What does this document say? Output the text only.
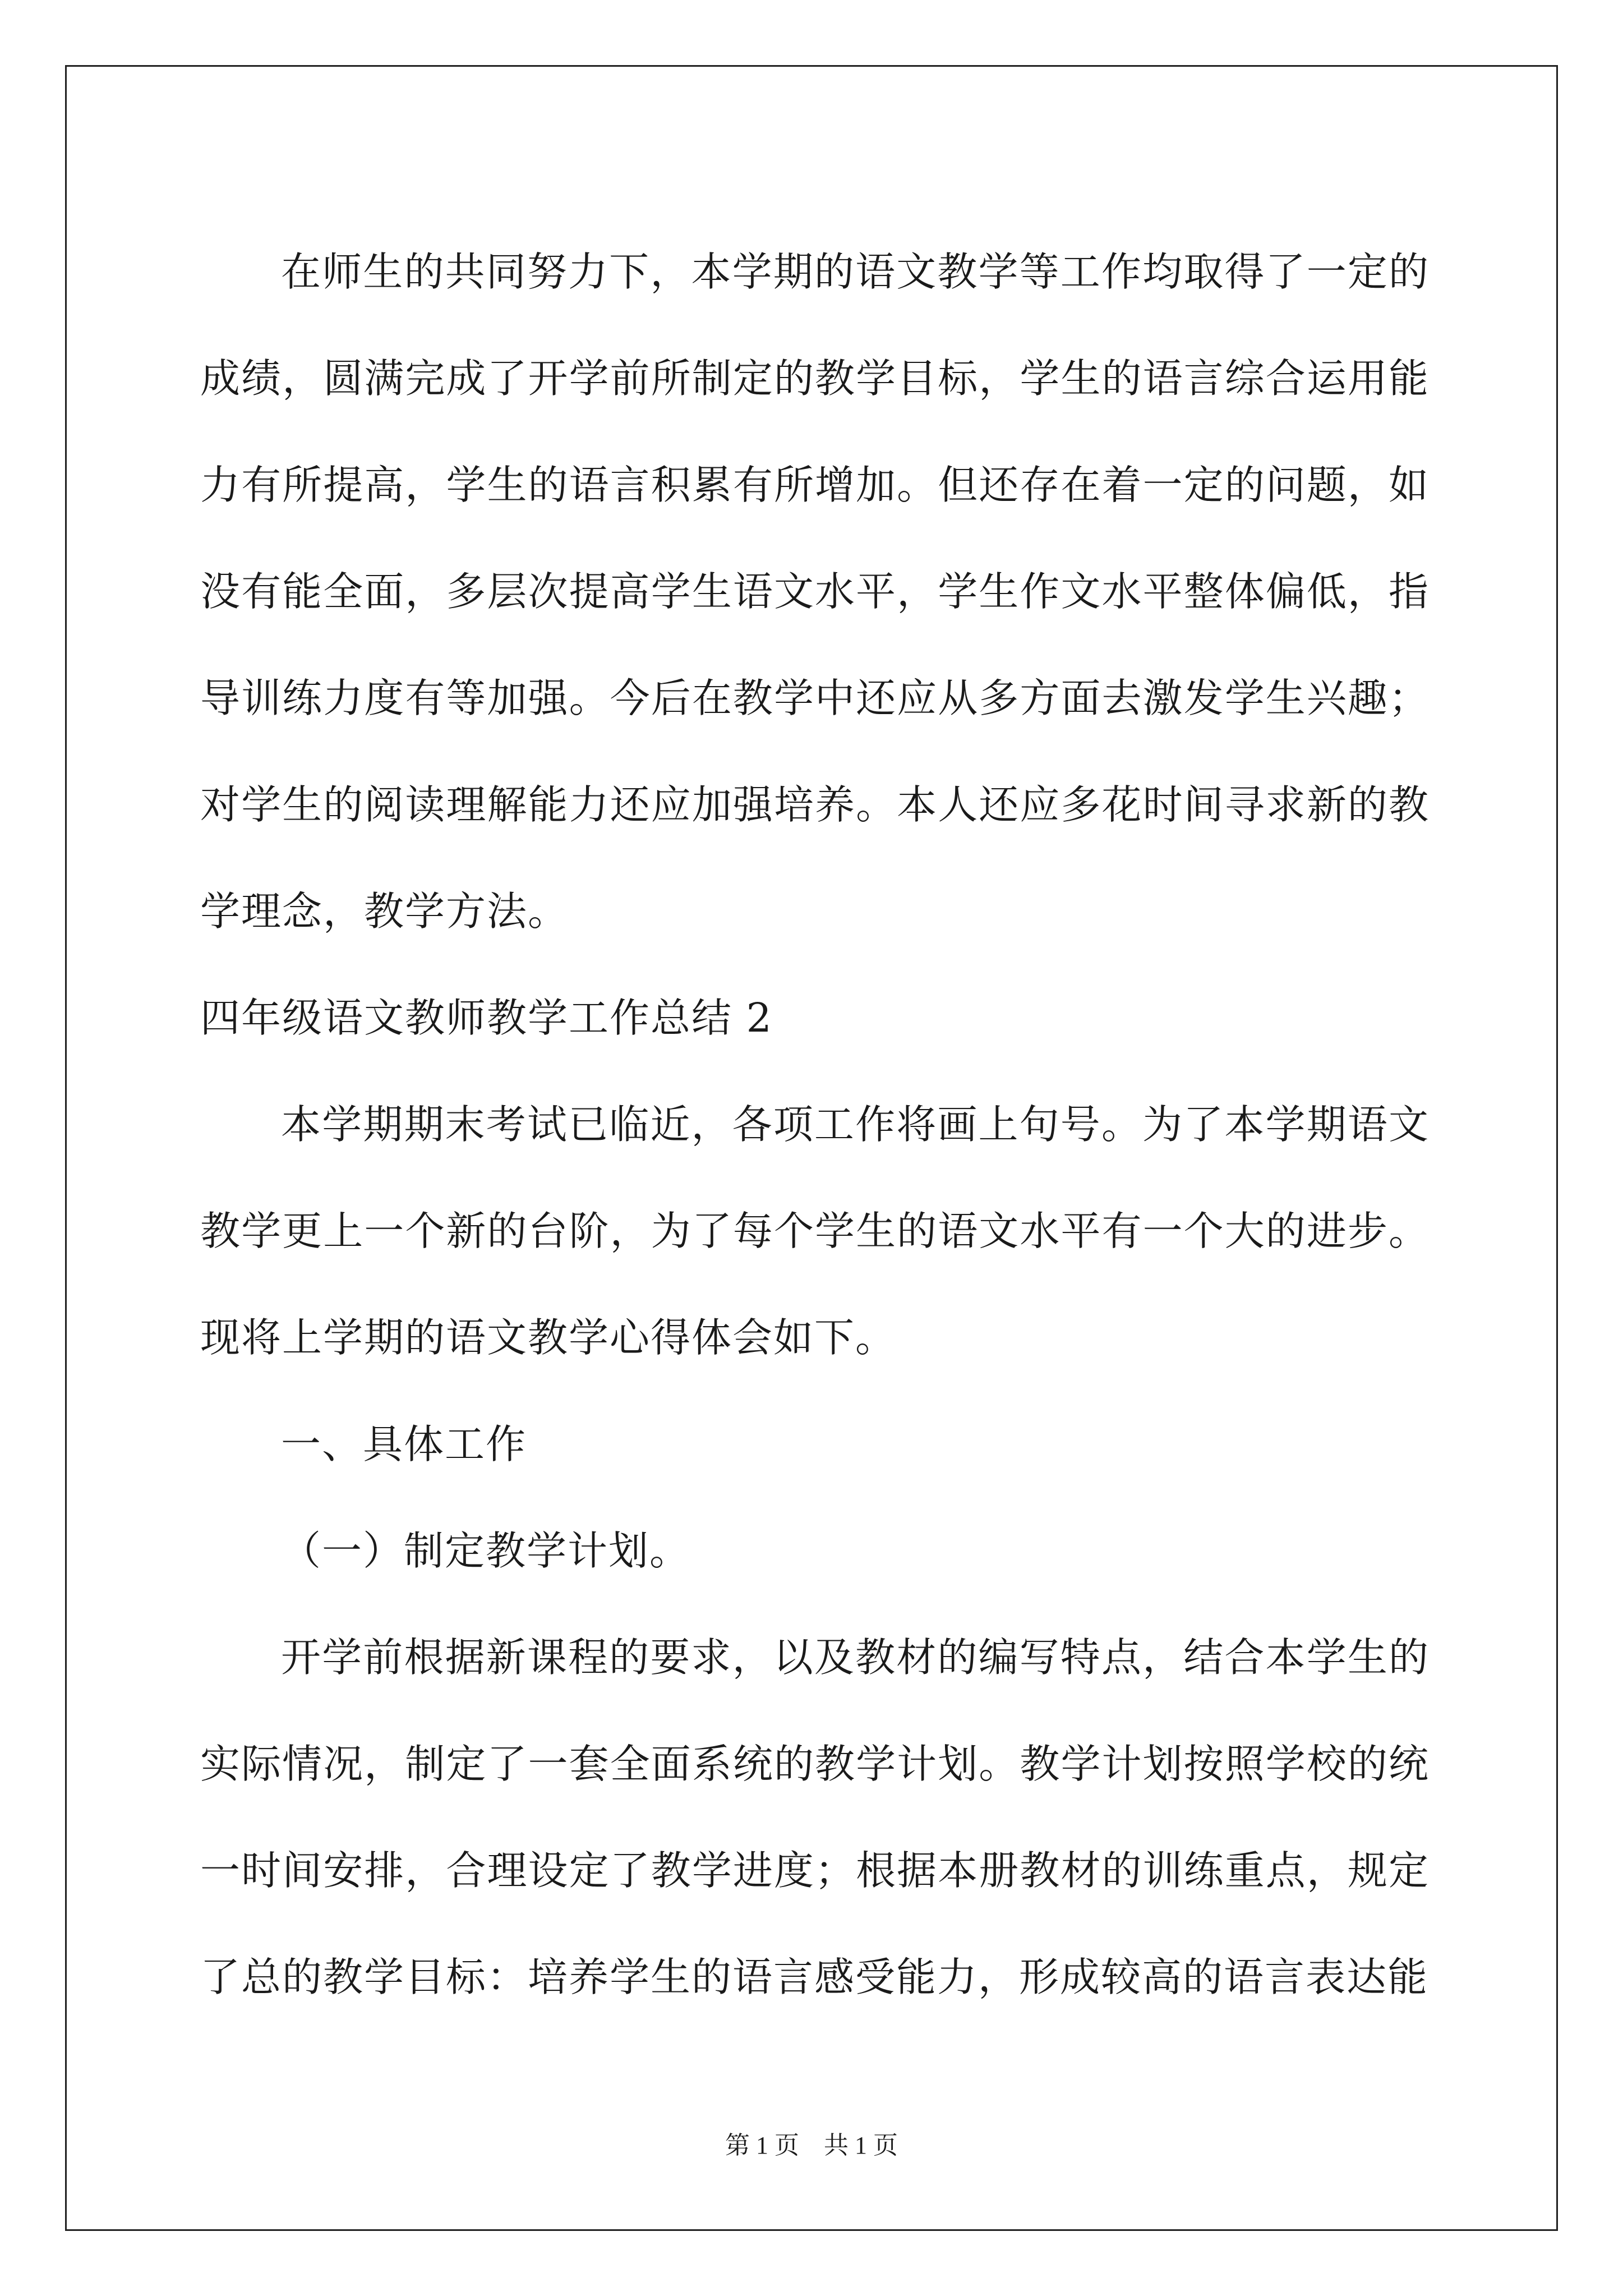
在师生的共同努力下，本学期的语文教学等工作均取得了一定的成绩，圆满完成了开学前所制定的教学目标，学生的语言综合运用能力有所提高，学生的语言积累有所增加。但还存在着一定的问题，如没有能全面，多层次提高学生语文水平，学生作文水平整体偏低，指导训练力度有等加强。今后在教学中还应从多方面去激发学生兴趣；对学生的阅读理解能力还应加强培养。本人还应多花时间寻求新的教学理念，教学方法。

四年级语文教师教学工作总结 2

本学期期末考试已临近，各项工作将画上句号。为了本学期语文教学更上一个新的台阶，为了每个学生的语文水平有一个大的进步。现将上学期的语文教学心得体会如下。

一、具体工作

（一）制定教学计划。

开学前根据新课程的要求，以及教材的编写特点，结合本学生的实际情况，制定了一套全面系统的教学计划。教学计划按照学校的统一时间安排，合理设定了教学进度；根据本册教材的训练重点，规定了总的教学目标：培养学生的语言感受能力，形成较高的语言表达能

第 1 页　共 1 页
